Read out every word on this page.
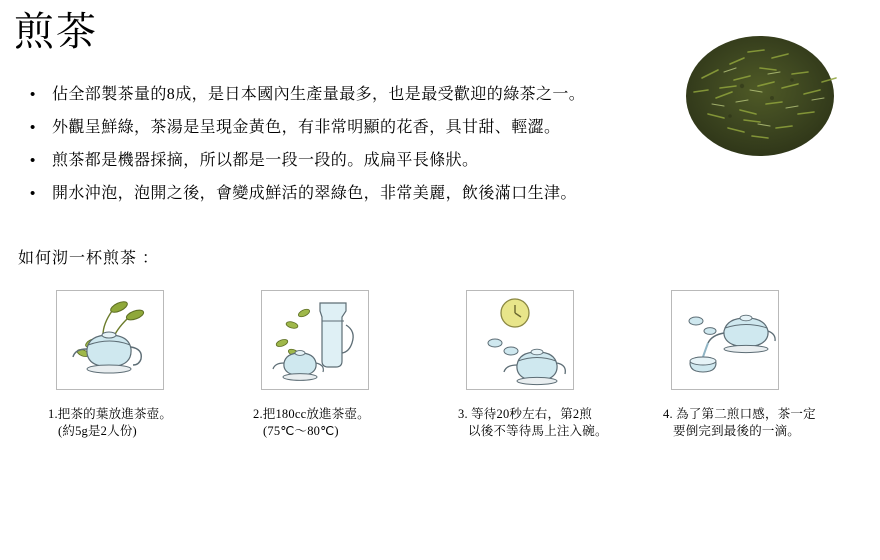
煎茶
•	佔全部製茶量的8成，是日本國內生產量最多，也是最受歡迎的綠茶之一。
•	外觀呈鮮綠，茶湯是呈現金黃色，有非常明顯的花香，具甘甜、輕澀。
•	煎茶都是機器採摘，所以都是一段一段的。成扁平長條狀。
•	開水沖泡，泡開之後，會變成鮮活的翠綠色，非常美麗，飲後滿口生津。
如何沏一杯煎茶 ：
1.把茶的葉放進茶壺。
(約5g是2人份)
2.把180cc放進茶壺。
(75℃～80℃)
3. 等待20秒左右，第2煎
以後不等待馬上注入碗。
4. 為了第二煎口感，茶一定
要倒完到最後的一滴。
